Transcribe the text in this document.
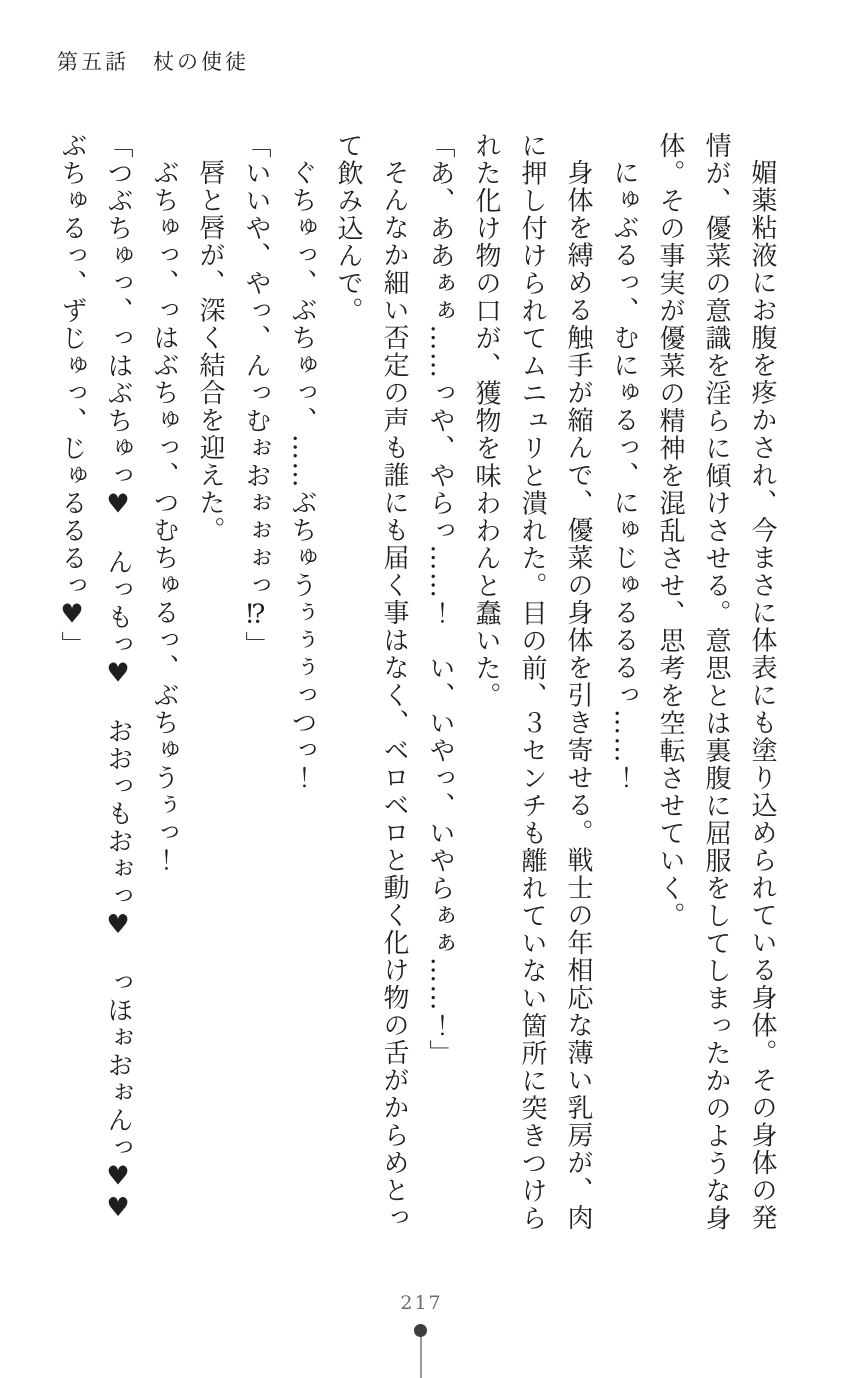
第五話　杖の使徒

媚薬粘液にお腹を疼かされ、今まさに体表にも塗り込められている身体。その身体の発情が、優菜の意識を淫らに傾けさせる。意思とは裏腹に屈服をしてしまったかのような身体。その事実が優菜の精神を混乱させ、思考を空転させていく。

にゅぶるっ、むにゅるっ、にゅじゅるるるっ……！

身体を縛める触手が縮んで、優菜の身体を引き寄せる。戦士の年相応な薄い乳房が、肉に押し付けられてムニュリと潰れた。目の前、３センチも離れていない箇所に突きつけられた化け物の口が、獲物を味わわんと蠢いた。

「あ、ああぁぁ……っや、やらっ……！　い、いやっ、いやらぁぁ……！」

そんなか細い否定の声も誰にも届く事はなく、ベロベロと動く化け物の舌がからめとって飲み込んで。

ぐちゅっ、ぶちゅっ、……ぶちゅうぅぅぅっつっ！

「いいや、やっ、んっむぉおぉぉぉっ⁉」

唇と唇が、深く結合を迎えた。

ぶちゅっ、っはぶちゅっ、つむちゅるっ、ぶちゅうぅっ！

「つぶちゅっ、っはぶちゅっ♥　んっもっ♥　おおっもおぉっ♥　っほぉおぉんっ♥♥ぶちゅるっ、ずじゅっ、じゅるるるっ♥」

217
